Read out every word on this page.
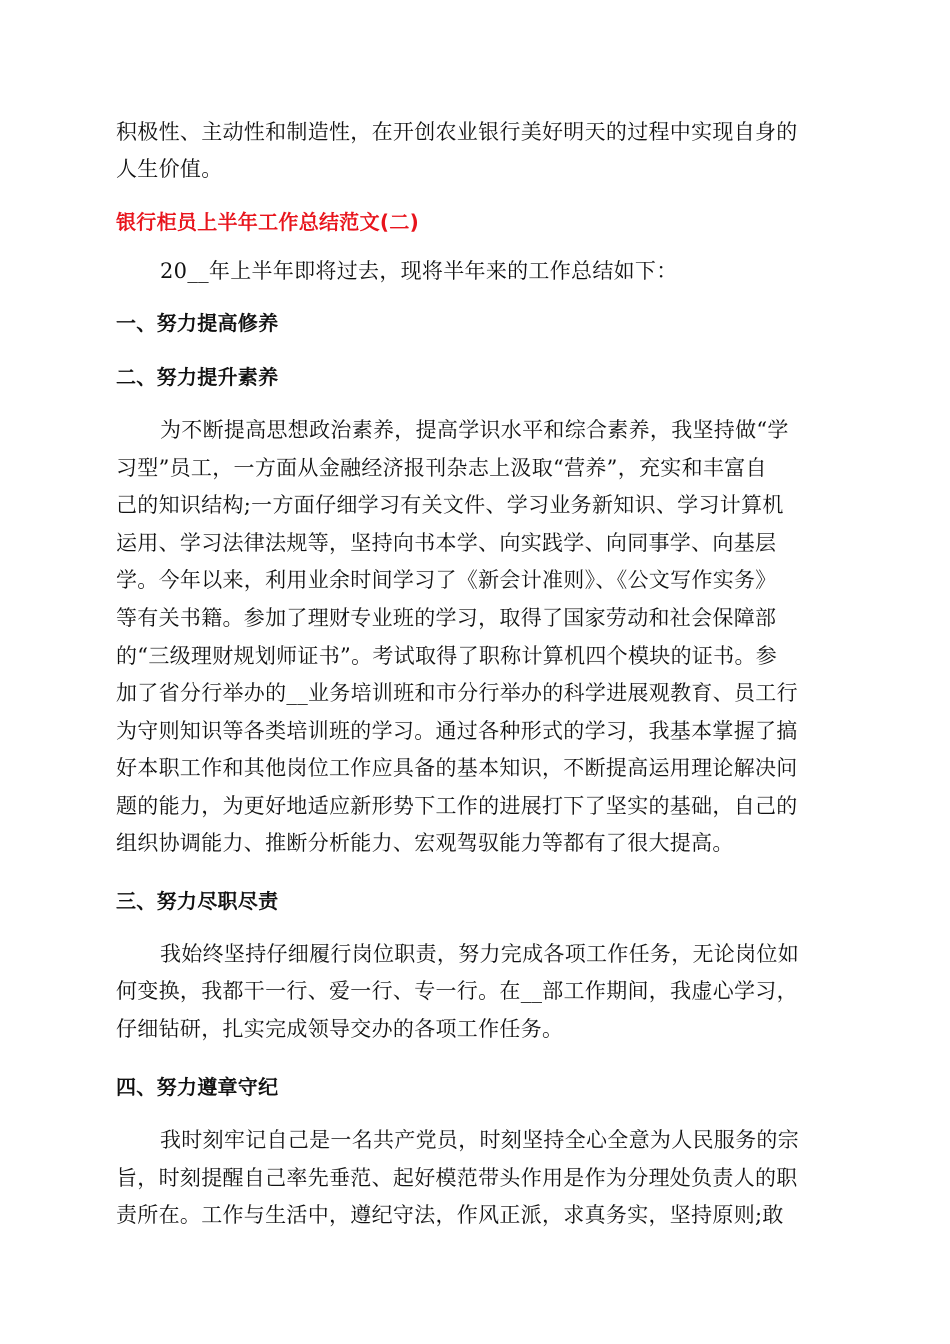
积极性、主动性和制造性，在开创农业银行美好明天的过程中实现自身的
人生价值。
银行柜员上半年工作总结范文(二)
20__年上半年即将过去，现将半年来的工作总结如下：
一、努力提高修养
二、努力提升素养
为不断提高思想政治素养，提高学识水平和综合素养，我坚持做“学
习型”员工，一方面从金融经济报刊杂志上汲取“营养”，充实和丰富自
己的知识结构;一方面仔细学习有关文件、学习业务新知识、学习计算机
运用、学习法律法规等，坚持向书本学、向实践学、向同事学、向基层
学。今年以来，利用业余时间学习了《新会计准则》、《公文写作实务》
等有关书籍。参加了理财专业班的学习，取得了国家劳动和社会保障部
的“三级理财规划师证书”。考试取得了职称计算机四个模块的证书。参
加了省分行举办的__业务培训班和市分行举办的科学进展观教育、员工行
为守则知识等各类培训班的学习。通过各种形式的学习，我基本掌握了搞
好本职工作和其他岗位工作应具备的基本知识，不断提高运用理论解决问
题的能力，为更好地适应新形势下工作的进展打下了坚实的基础，自己的
组织协调能力、推断分析能力、宏观驾驭能力等都有了很大提高。
三、努力尽职尽责
我始终坚持仔细履行岗位职责，努力完成各项工作任务，无论岗位如
何变换，我都干一行、爱一行、专一行。在__部工作期间，我虚心学习，
仔细钻研，扎实完成领导交办的各项工作任务。
四、努力遵章守纪
我时刻牢记自己是一名共产党员，时刻坚持全心全意为人民服务的宗
旨，时刻提醒自己率先垂范、起好模范带头作用是作为分理处负责人的职
责所在。工作与生活中，遵纪守法，作风正派，求真务实，坚持原则;敢
